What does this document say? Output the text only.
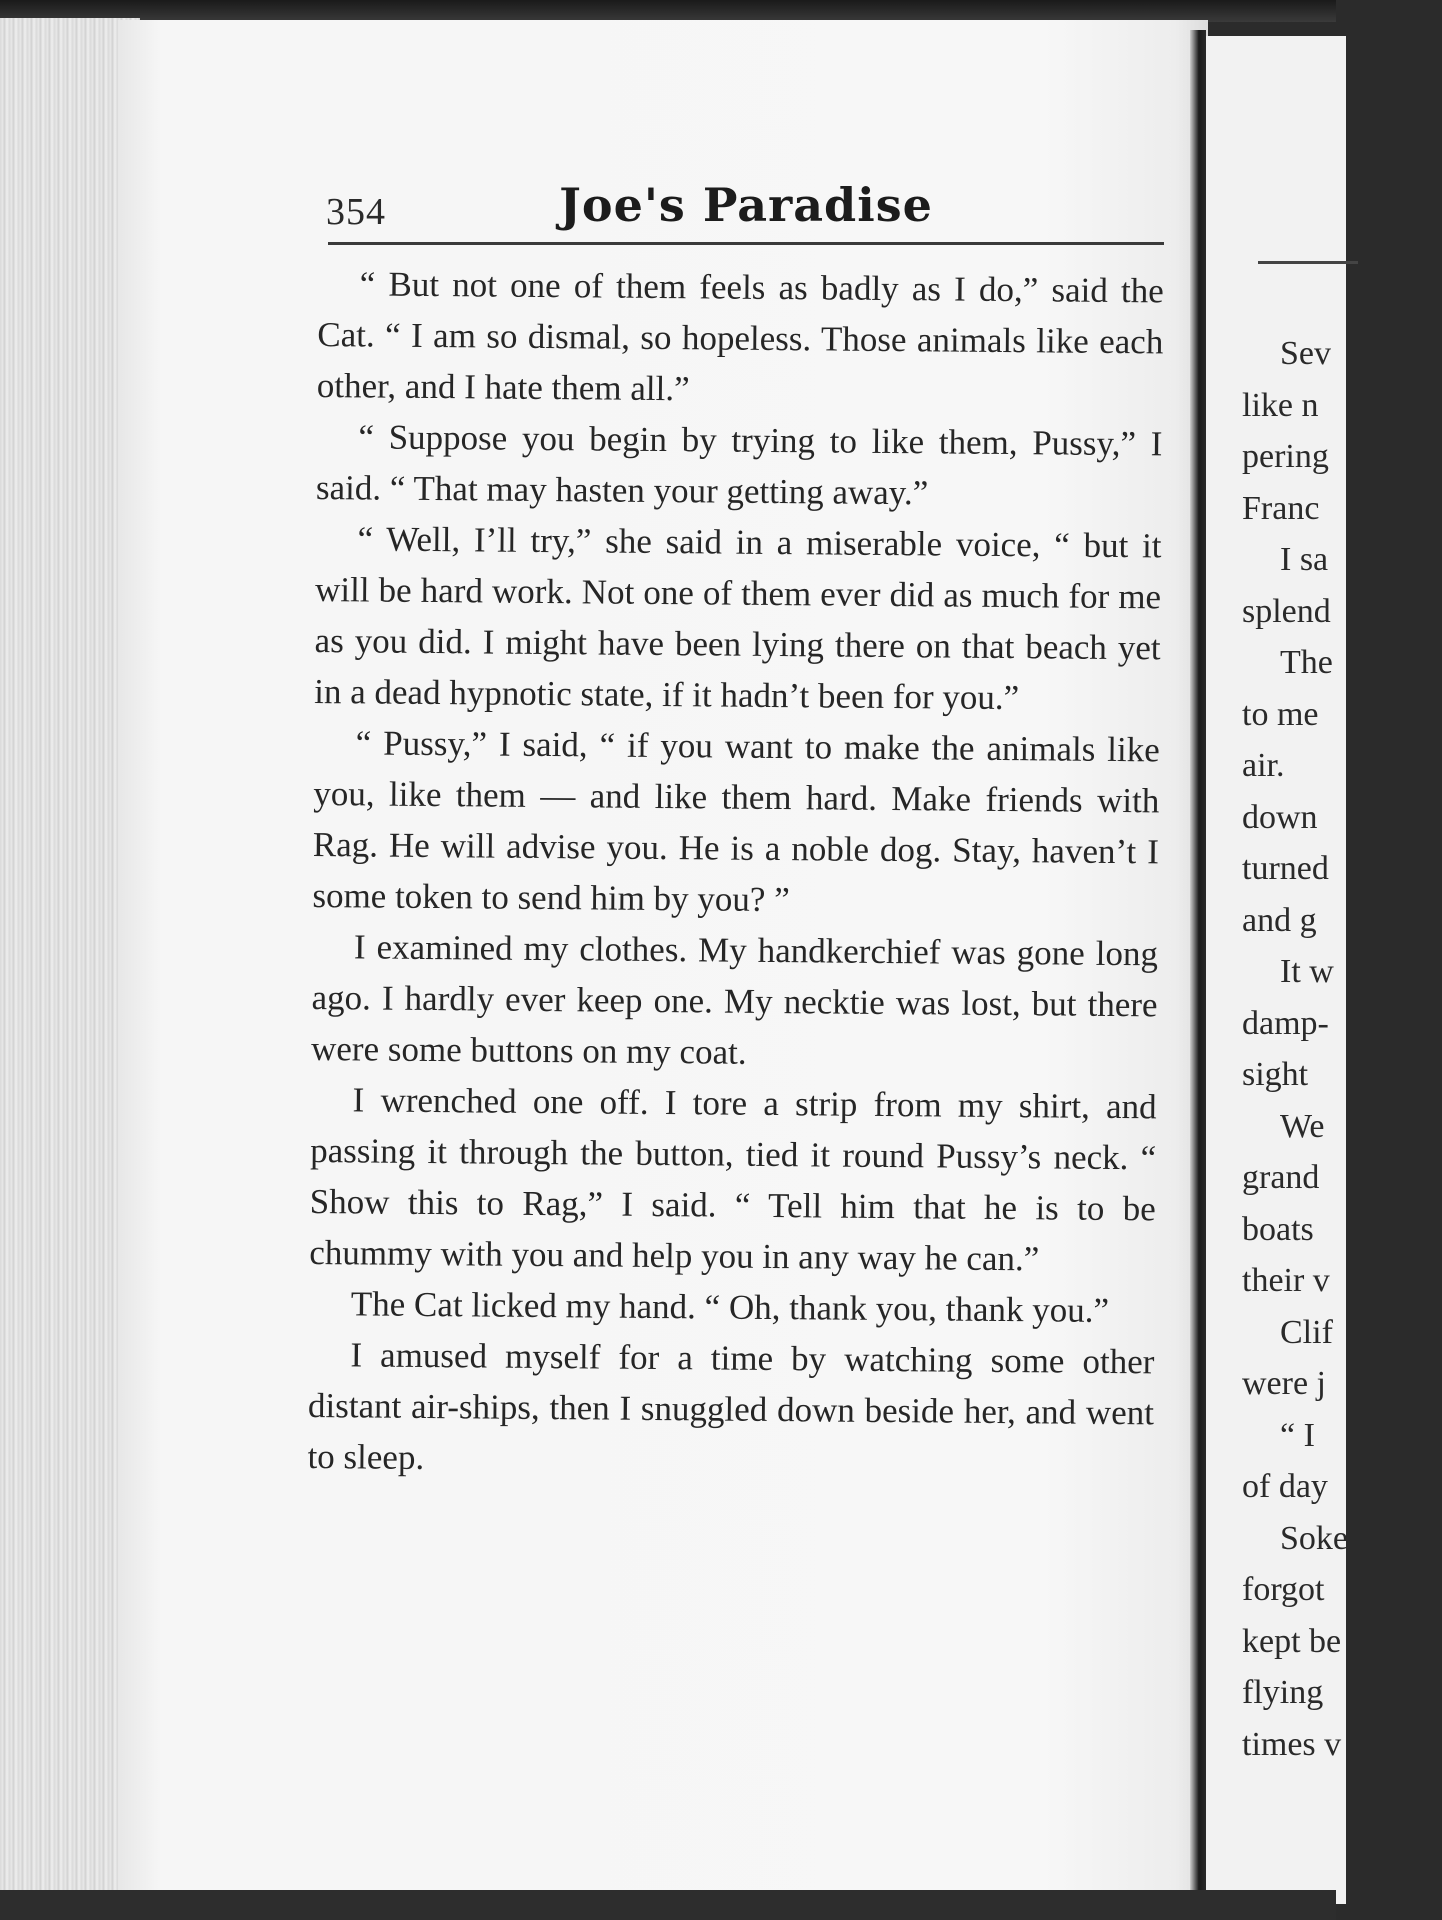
354	Joe's Paradise

“ But not one of them feels as badly as I do,” said the Cat. “ I am so dismal, so hopeless. Those animals like each other, and I hate them all.”

“ Suppose you begin by trying to like them, Pussy,” I said. “ That may hasten your getting away.”

“ Well, I’ll try,” she said in a miserable voice, “ but it will be hard work. Not one of them ever did as much for me as you did. I might have been lying there on that beach yet in a dead hypnotic state, if it hadn’t been for you.”

“ Pussy,” I said, “ if you want to make the animals like you, like them — and like them hard. Make friends with Rag. He will advise you. He is a noble dog. Stay, haven’t I some token to send him by you? ”

I examined my clothes. My handkerchief was gone long ago. I hardly ever keep one. My necktie was lost, but there were some buttons on my coat.

I wrenched one off. I tore a strip from my shirt, and passing it through the button, tied it round Pussy’s neck. “ Show this to Rag,” I said. “ Tell him that he is to be chummy with you and help you in any way he can.”

The Cat licked my hand. “ Oh, thank you, thank you.”

I amused myself for a time by watching some other distant air-ships, then I snuggled down beside her, and went to sleep.

Sev
like n
pering
Franc
I sa
splend
The
to me
air.
down
turned
and g
It w
damp-
sight
We
grand
boats
their v
Clif
were j
“ I
of day
Soke
forgot
kept be
flying
times v
